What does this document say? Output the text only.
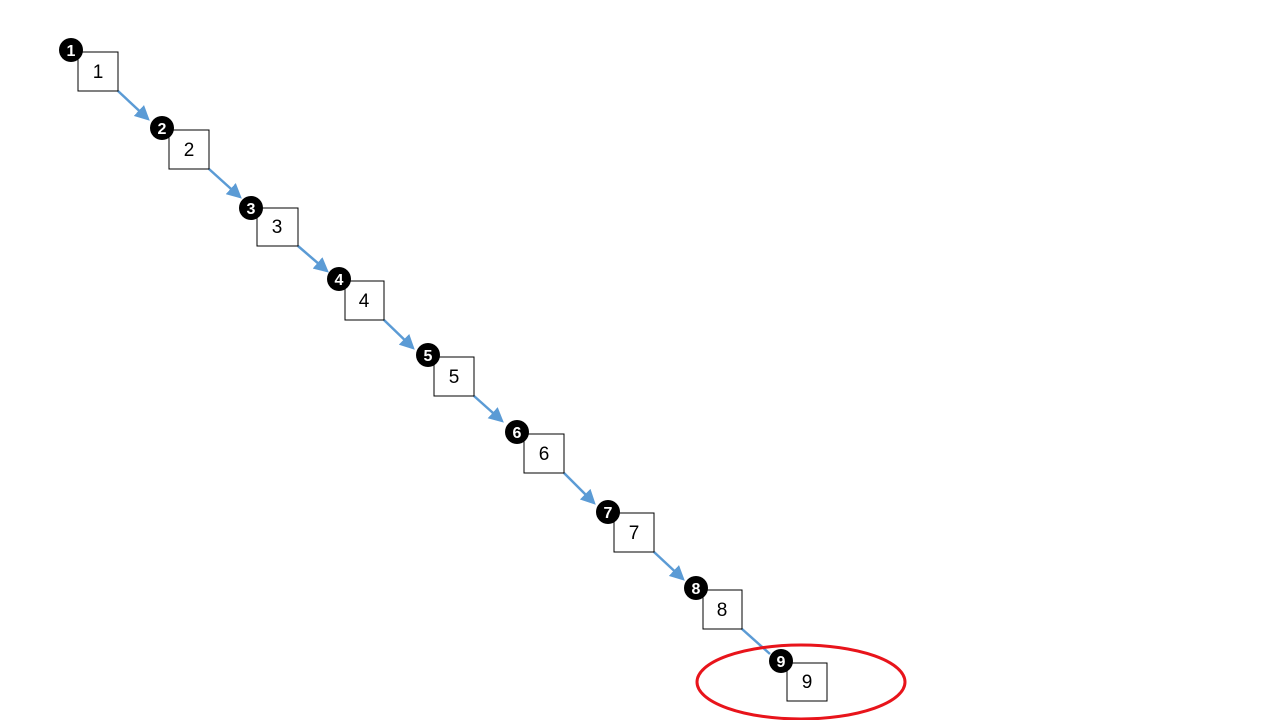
1
1
2
2
3
3
4
4
5
5
6
6
7
7
8
8
9
9
